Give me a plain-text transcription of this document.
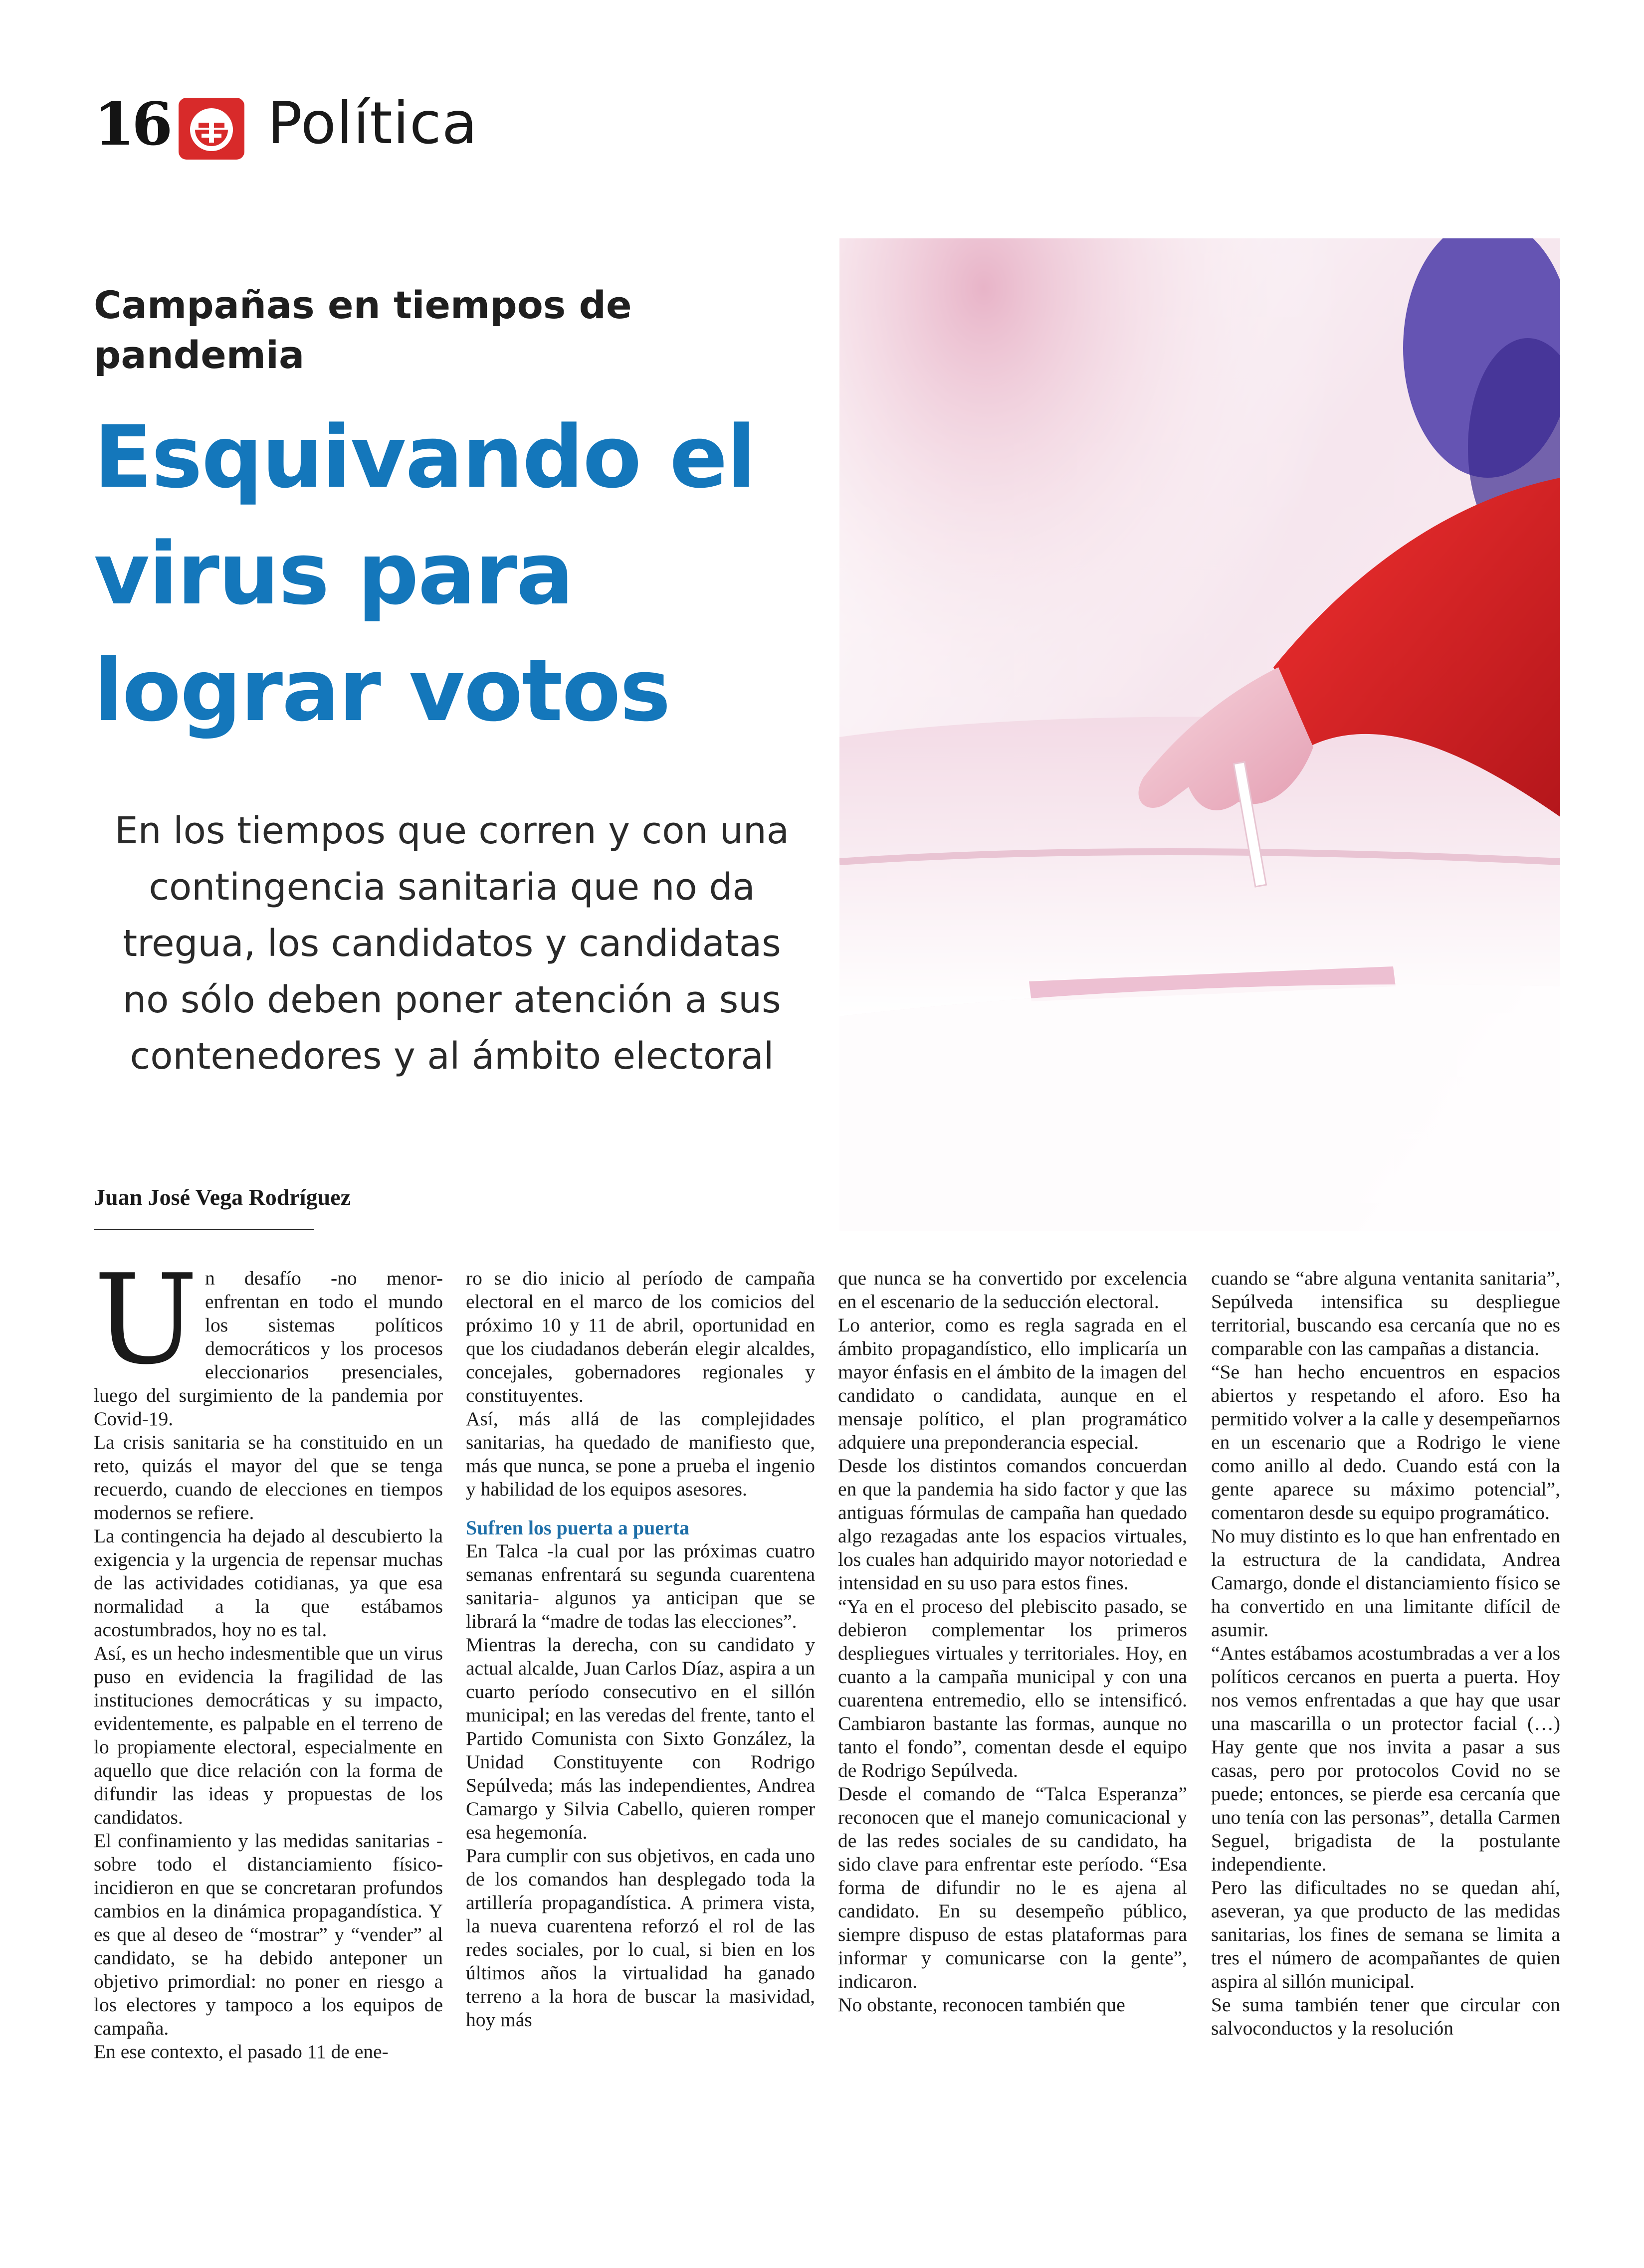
16 Política
Campañas en tiempos de pandemia
Esquivando el virus para lograr votos
En los tiempos que corren y con una contingencia sanitaria que no da tregua, los candidatos y candidatas no sólo deben poner atención a sus contenedores y al ámbito electoral
Juan José Vega Rodríguez

Un desafío -no menor- enfrentan en todo el mundo los sistemas políticos democráticos y los procesos eleccionarios presenciales, luego del surgimiento de la pandemia por Covid-19.

La crisis sanitaria se ha constituido en un reto, quizás el mayor del que se tenga recuerdo, cuando de elecciones en tiempos modernos se refiere.

La contingencia ha dejado al descubierto la exigencia y la urgencia de repensar muchas de las actividades cotidianas, ya que esa normalidad a la que estábamos acostumbrados, hoy no es tal.

Así, es un hecho indesmentible que un virus puso en evidencia la fragilidad de las instituciones democráticas y su impacto, evidentemente, es palpable en el terreno de lo propiamente electoral, especialmente en aquello que dice relación con la forma de difundir las ideas y propuestas de los candidatos.

El confinamiento y las medidas sanitarias -sobre todo el distanciamiento físico- incidieron en que se concretaran profundos cambios en la dinámica propagandística. Y es que al deseo de “mostrar” y “vender” al candidato, se ha debido anteponer un objetivo primordial: no poner en riesgo a los electores y tampoco a los equipos de campaña.

En ese contexto, el pasado 11 de ene-

ro se dio inicio al período de campaña electoral en el marco de los comicios del próximo 10 y 11 de abril, oportunidad en que los ciudadanos deberán elegir alcaldes, concejales, gobernadores regionales y constituyentes.

Así, más allá de las complejidades sanitarias, ha quedado de manifiesto que, más que nunca, se pone a prueba el ingenio y habilidad de los equipos asesores.

Sufren los puerta a puerta

En Talca -la cual por las próximas cuatro semanas enfrentará su segunda cuarentena sanitaria- algunos ya anticipan que se librará la “madre de todas las elecciones”.

Mientras la derecha, con su candidato y actual alcalde, Juan Carlos Díaz, aspira a un cuarto período consecutivo en el sillón municipal; en las veredas del frente, tanto el Partido Comunista con Sixto González, la Unidad Constituyente con Rodrigo Sepúlveda; más las independientes, Andrea Camargo y Silvia Cabello, quieren romper esa hegemonía.

Para cumplir con sus objetivos, en cada uno de los comandos han desplegado toda la artillería propagandística. A primera vista, la nueva cuarentena reforzó el rol de las redes sociales, por lo cual, si bien en los últimos años la virtualidad ha ganado terreno a la hora de buscar la masividad, hoy más

que nunca se ha convertido por excelencia en el escenario de la seducción electoral.

Lo anterior, como es regla sagrada en el ámbito propagandístico, ello implicaría un mayor énfasis en el ámbito de la imagen del candidato o candidata, aunque en el mensaje político, el plan programático adquiere una preponderancia especial.

Desde los distintos comandos concuerdan en que la pandemia ha sido factor y que las antiguas fórmulas de campaña han quedado algo rezagadas ante los espacios virtuales, los cuales han adquirido mayor notoriedad e intensidad en su uso para estos fines.

“Ya en el proceso del plebiscito pasado, se debieron complementar los primeros despliegues virtuales y territoriales. Hoy, en cuanto a la campaña municipal y con una cuarentena entremedio, ello se intensificó. Cambiaron bastante las formas, aunque no tanto el fondo”, comentan desde el equipo de Rodrigo Sepúlveda.

Desde el comando de “Talca Esperanza” reconocen que el manejo comunicacional y de las redes sociales de su candidato, ha sido clave para enfrentar este período. “Esa forma de difundir no le es ajena al candidato. En su desempeño público, siempre dispuso de estas plataformas para informar y comunicarse con la gente”, indicaron.

No obstante, reconocen también que

cuando se “abre alguna ventanita sanitaria”, Sepúlveda intensifica su despliegue territorial, buscando esa cercanía que no es comparable con las campañas a distancia.

“Se han hecho encuentros en espacios abiertos y respetando el aforo. Eso ha permitido volver a la calle y desempeñarnos en un escenario que a Rodrigo le viene como anillo al dedo. Cuando está con la gente aparece su máximo potencial”, comentaron desde su equipo programático.

No muy distinto es lo que han enfrentado en la estructura de la candidata, Andrea Camargo, donde el distanciamiento físico se ha convertido en una limitante difícil de asumir.

“Antes estábamos acostumbradas a ver a los políticos cercanos en puerta a puerta. Hoy nos vemos enfrentadas a que hay que usar una mascarilla o un protector facial (…) Hay gente que nos invita a pasar a sus casas, pero por protocolos Covid no se puede; entonces, se pierde esa cercanía que uno tenía con las personas”, detalla Carmen Seguel, brigadista de la postulante independiente.

Pero las dificultades no se quedan ahí, aseveran, ya que producto de las medidas sanitarias, los fines de semana se limita a tres el número de acompañantes de quien aspira al sillón municipal.

Se suma también tener que circular con salvoconductos y la resolución
